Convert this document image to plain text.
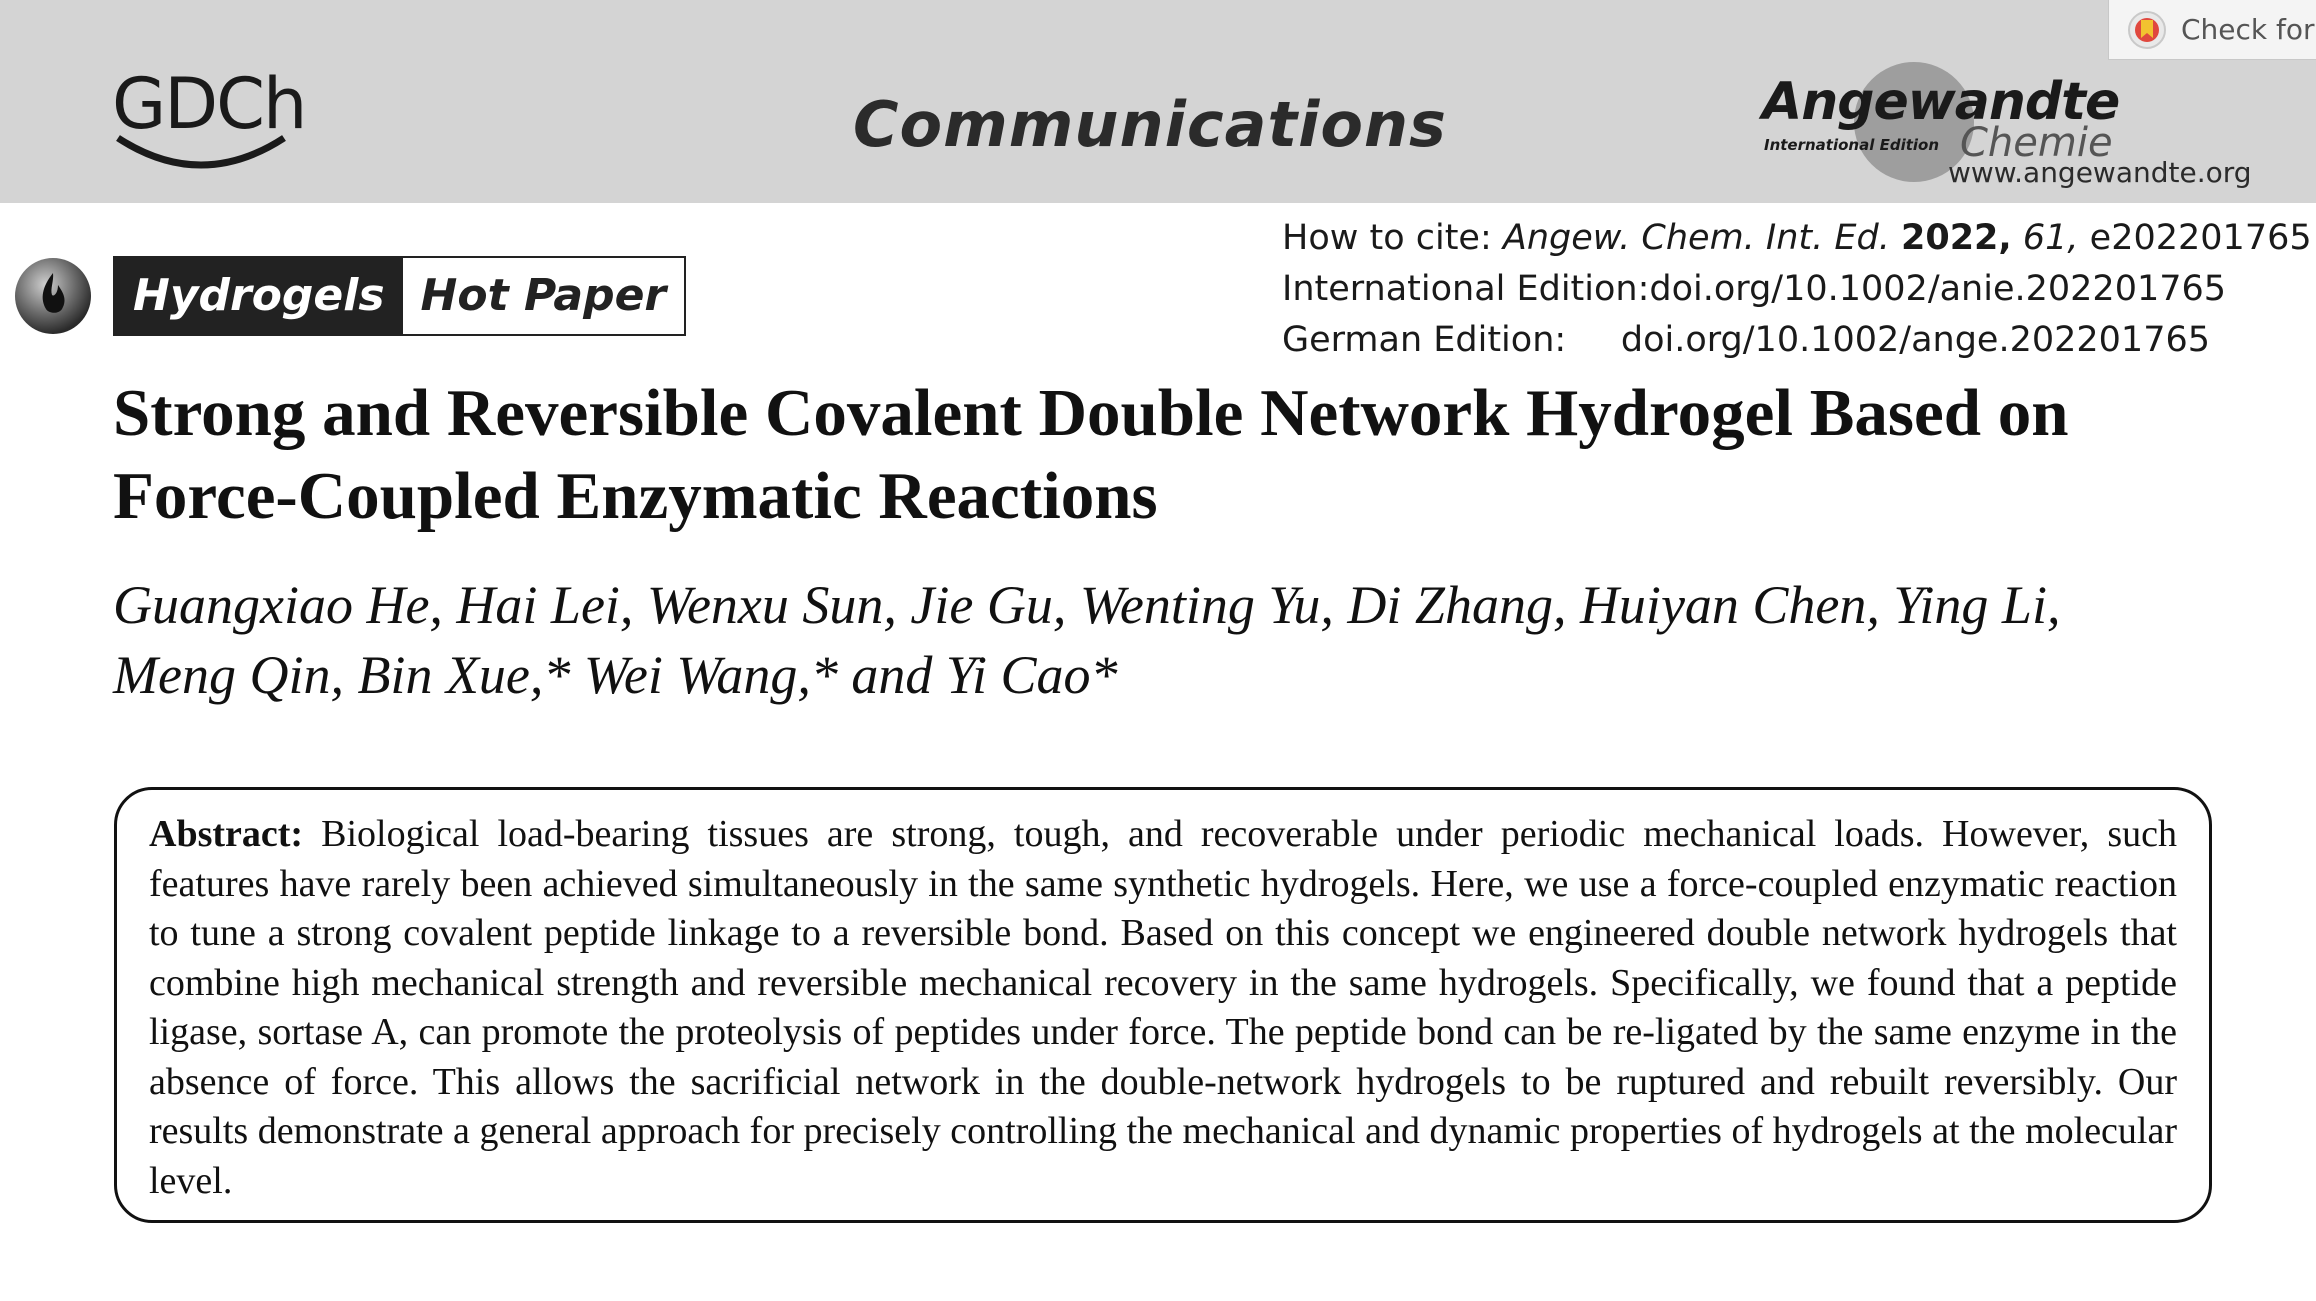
GDCh	Communications	Angewandte
International Edition Chemie
www.angewandte.org
Check for
Hydrogels Hot Paper
How to cite:
Angew. Chem. Int. Ed.
2022,
61,
e202201765
International Edition: doi.org/10.1002/anie.202201765
German Edition: doi.org/10.1002/ange.202201765
Strong and Reversible Covalent Double Network Hydrogel Based on
Force-Coupled Enzymatic Reactions
Guangxiao He, Hai Lei, Wenxu Sun, Jie Gu, Wenting Yu, Di Zhang, Huiyan Chen, Ying Li,
Meng Qin, Bin Xue,* Wei Wang,* and Yi Cao*
Abstract: Biological load-bearing tissues are strong, tough, and recoverable under periodic mechanical loads. However, such features have rarely been achieved simultaneously in the same synthetic hydrogels. Here, we use a force-coupled enzymatic reaction to tune a strong covalent peptide linkage to a reversible bond. Based on this concept we engineered double network hydrogels that combine high mechanical strength and reversible mechanical recovery in the same hydrogels. Specifically, we found that a peptide ligase, sortase A, can promote the proteolysis of peptides under force. The peptide bond can be re-ligated by the same enzyme in the absence of force. This allows the sacrificial network in the double-network hydrogels to be ruptured and rebuilt reversibly. Our results demonstrate a general approach for precisely controlling the mechanical and dynamic properties of hydrogels at the molecular level.
